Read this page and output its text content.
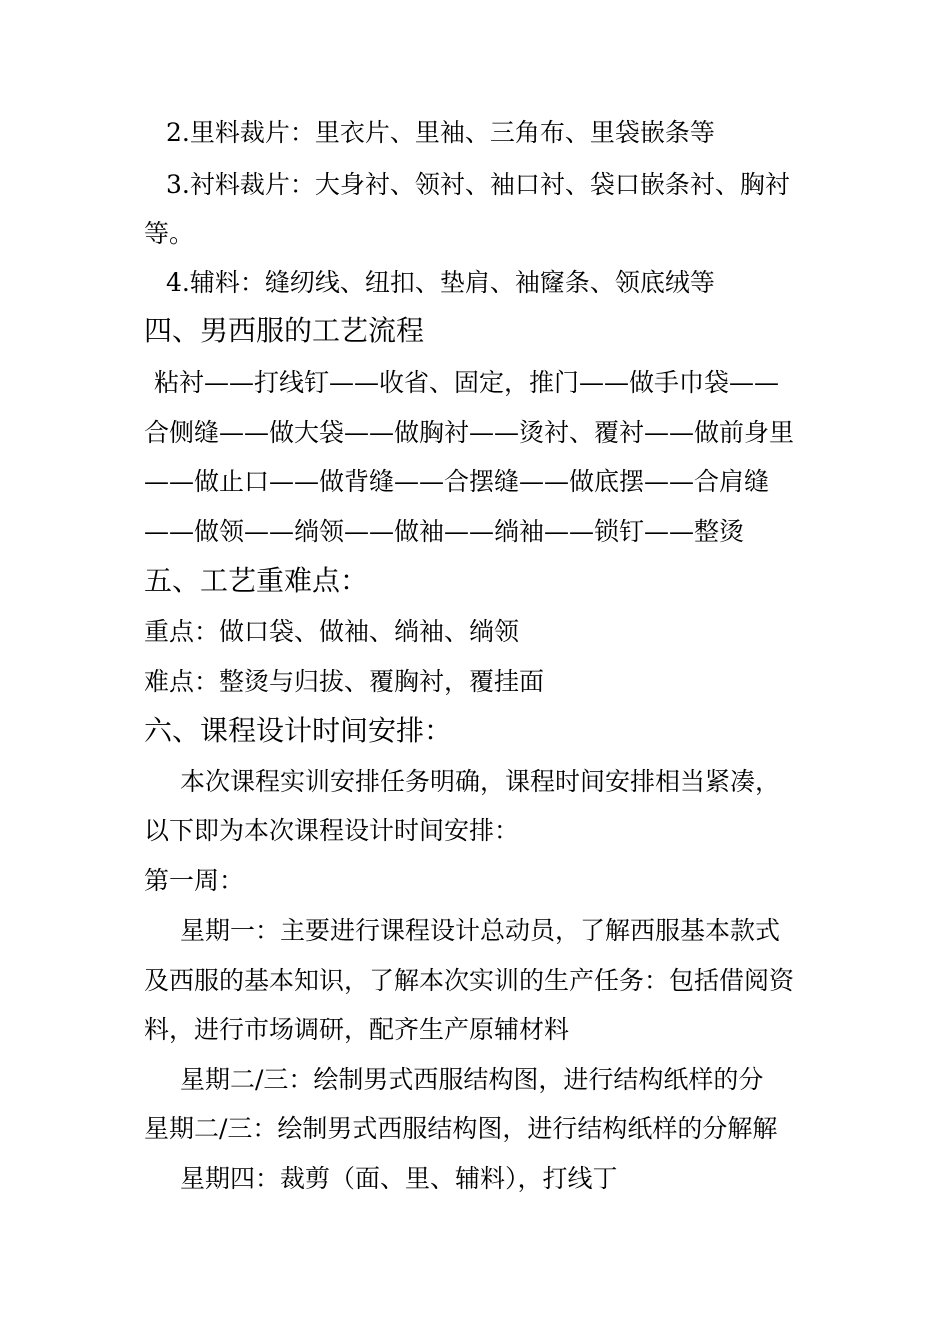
2.里料裁片：里衣片、里袖、三角布、里袋嵌条等
3.衬料裁片：大身衬、领衬、袖口衬、袋口嵌条衬、胸衬
等。
4.辅料：缝纫线、纽扣、垫肩、袖窿条、领底绒等
四、男西服的工艺流程
粘衬——打线钉——收省、固定，推门——做手巾袋——
合侧缝——做大袋——做胸衬——烫衬、覆衬——做前身里
——做止口——做背缝——合摆缝——做底摆——合肩缝
——做领——绱领——做袖——绱袖——锁钉——整烫
五、工艺重难点：
重点：做口袋、做袖、绱袖、绱领
难点：整烫与归拔、覆胸衬，覆挂面
六、课程设计时间安排：
本次课程实训安排任务明确，课程时间安排相当紧凑，
以下即为本次课程设计时间安排：
第一周：
星期一：主要进行课程设计总动员，了解西服基本款式
及西服的基本知识，了解本次实训的生产任务：包括借阅资
料，进行市场调研，配齐生产原辅材料
星期二/三：绘制男式西服结构图，进行结构纸样的分
星期二/三：绘制男式西服结构图，进行结构纸样的分解解
星期四：裁剪（面、里、辅料），打线丁
